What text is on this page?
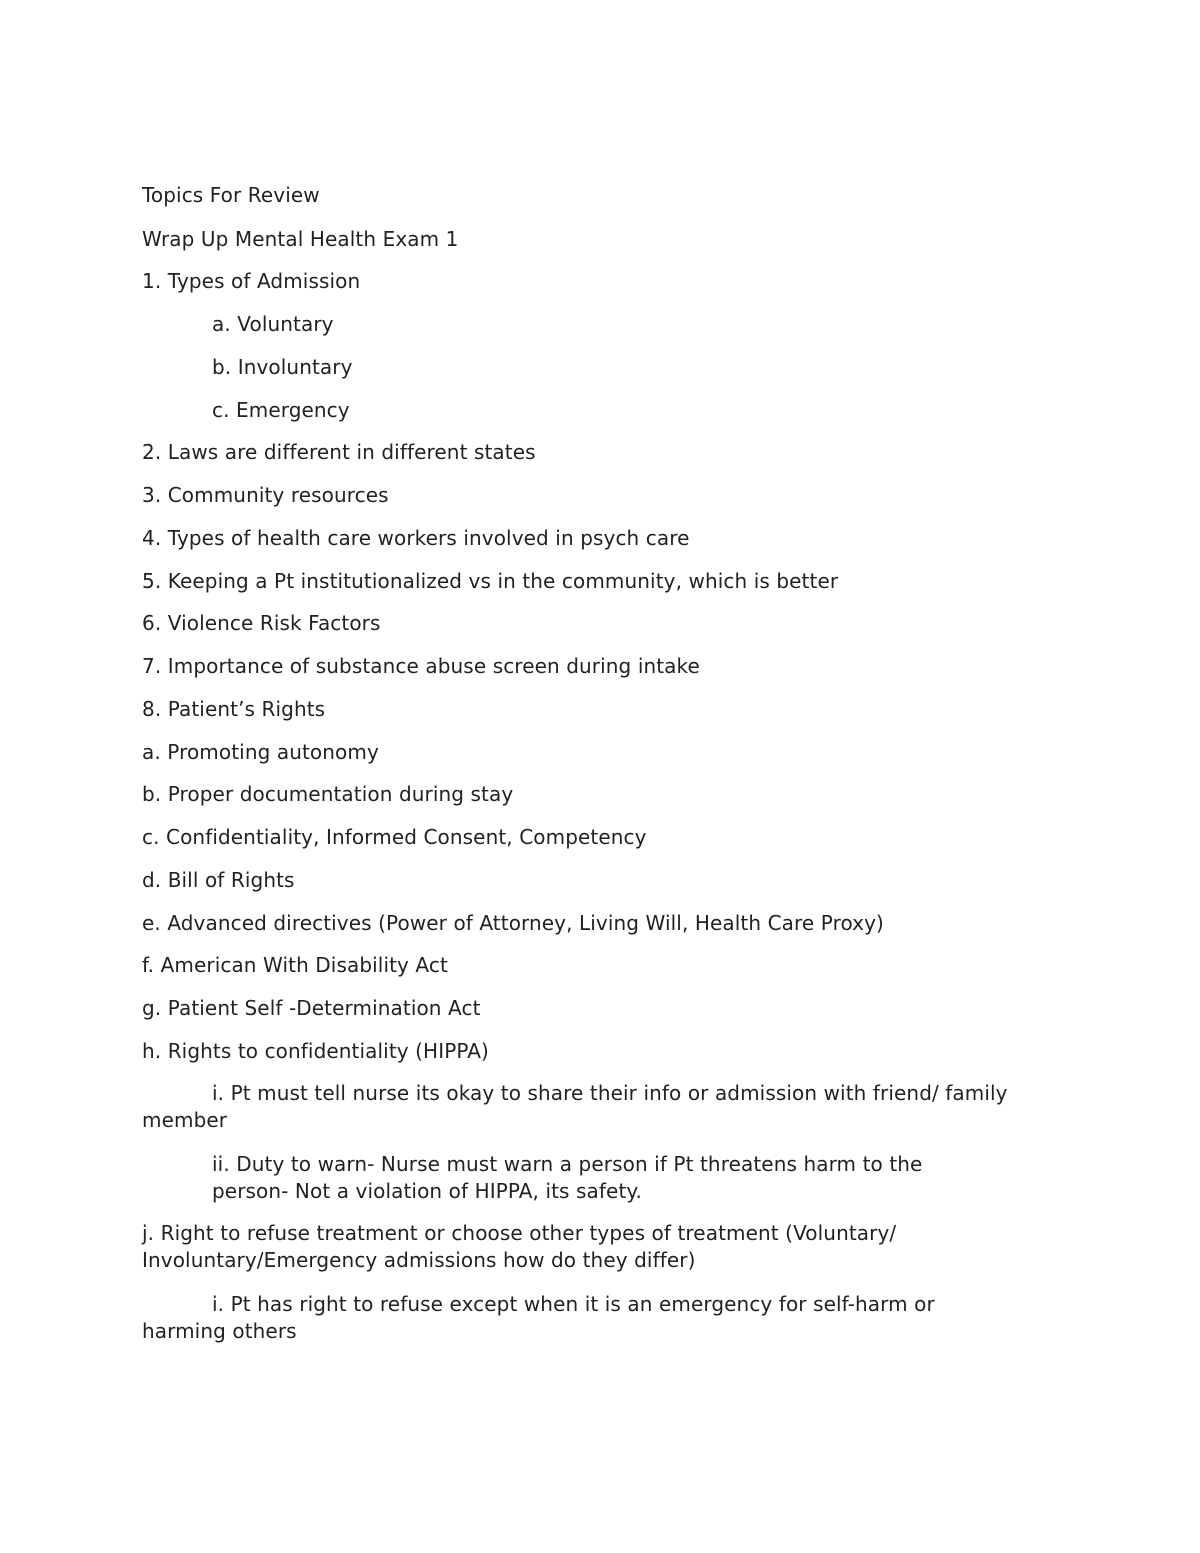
Topics For Review
Wrap Up Mental Health Exam 1
1. Types of Admission
a. Voluntary
b. Involuntary
c. Emergency
2. Laws are different in different states
3. Community resources
4. Types of health care workers involved in psych care
5. Keeping a Pt institutionalized vs in the community, which is better
6. Violence Risk Factors
7. Importance of substance abuse screen during intake
8. Patient’s Rights
a. Promoting autonomy
b. Proper documentation during stay
c. Confidentiality, Informed Consent, Competency
d. Bill of Rights
e. Advanced directives (Power of Attorney, Living Will, Health Care Proxy)
f. American With Disability Act
g. Patient Self -Determination Act
h. Rights to confidentiality (HIPPA)
i. Pt must tell nurse its okay to share their info or admission with friend/ family member
ii. Duty to warn- Nurse must warn a person if Pt threatens harm to the person- Not a violation of HIPPA, its safety.
j. Right to refuse treatment or choose other types of treatment (Voluntary/ Involuntary/Emergency admissions how do they differ)
i. Pt has right to refuse except when it is an emergency for self-harm or harming others
